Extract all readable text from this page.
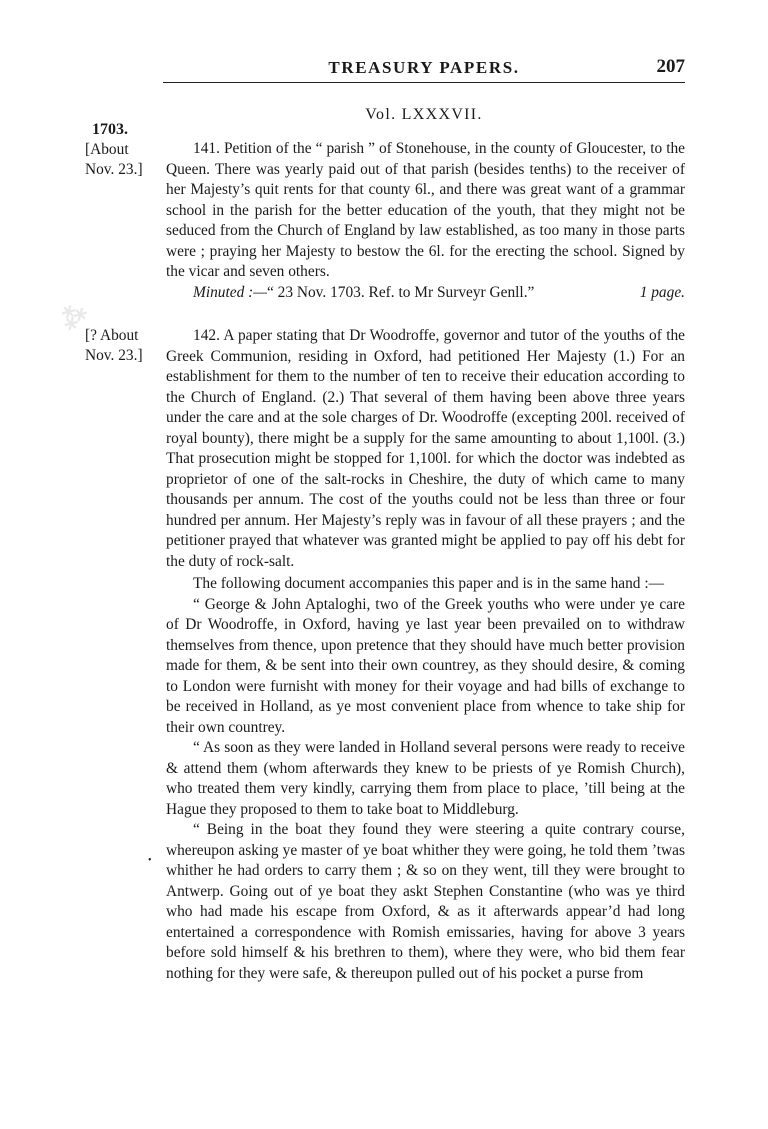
⁂
TREASURY PAPERS.	207
Vol. LXXXVII.
1703.
[About
Nov. 23.]
[? About
Nov. 23.]

141. Petition of the “ parish ” of Stonehouse, in the county of Gloucester, to the Queen. There was yearly paid out of that parish (besides tenths) to the receiver of her Majesty’s quit rents for that county 6l., and there was great want of a grammar school in the parish for the better education of the youth, that they might not be seduced from the Church of England by law established, as too many in those parts were ; praying her Majesty to bestow the 6l. for the erecting the school. Signed by the vicar and seven others.

Minuted :—“ 23 Nov. 1703. Ref. to Mr Surveyr Genll.”	1 page.

142. A paper stating that Dr Woodroffe, governor and tutor of the youths of the Greek Communion, residing in Oxford, had petitioned Her Majesty (1.) For an establishment for them to the number of ten to receive their education according to the Church of England. (2.) That several of them having been above three years under the care and at the sole charges of Dr. Woodroffe (excepting 200l. received of royal bounty), there might be a supply for the same amounting to about 1,100l. (3.) That prosecution might be stopped for 1,100l. for which the doctor was indebted as proprietor of one of the salt-rocks in Cheshire, the duty of which came to many thousands per annum. The cost of the youths could not be less than three or four hundred per annum. Her Majesty’s reply was in favour of all these prayers ; and the petitioner prayed that whatever was granted might be applied to pay off his debt for the duty of rock-salt.

The following document accompanies this paper and is in the same hand :—

“ George & John Aptaloghi, two of the Greek youths who were under ye care of Dr Woodroffe, in Oxford, having ye last year been prevailed on to withdraw themselves from thence, upon pretence that they should have much better provision made for them, & be sent into their own countrey, as they should desire, & coming to London were furnisht with money for their voyage and had bills of exchange to be received in Holland, as ye most convenient place from whence to take ship for their own countrey.

“ As soon as they were landed in Holland several persons were ready to receive & attend them (whom afterwards they knew to be priests of ye Romish Church), who treated them very kindly, carrying them from place to place, ’till being at the Hague they proposed to them to take boat to Middleburg.

“ Being in the boat they found they were steering a quite contrary course, whereupon asking ye master of ye boat whither they were going, he told them ’twas whither he had orders to carry them ; & so on they went, till they were brought to Antwerp. Going out of ye boat they askt Stephen Constantine (who was ye third who had made his escape from Oxford, & as it afterwards appear’d had long entertained a correspondence with Romish emissaries, having for above 3 years before sold himself & his brethren to them), where they were, who bid them fear nothing for they were safe, & thereupon pulled out of his pocket a purse from

•
